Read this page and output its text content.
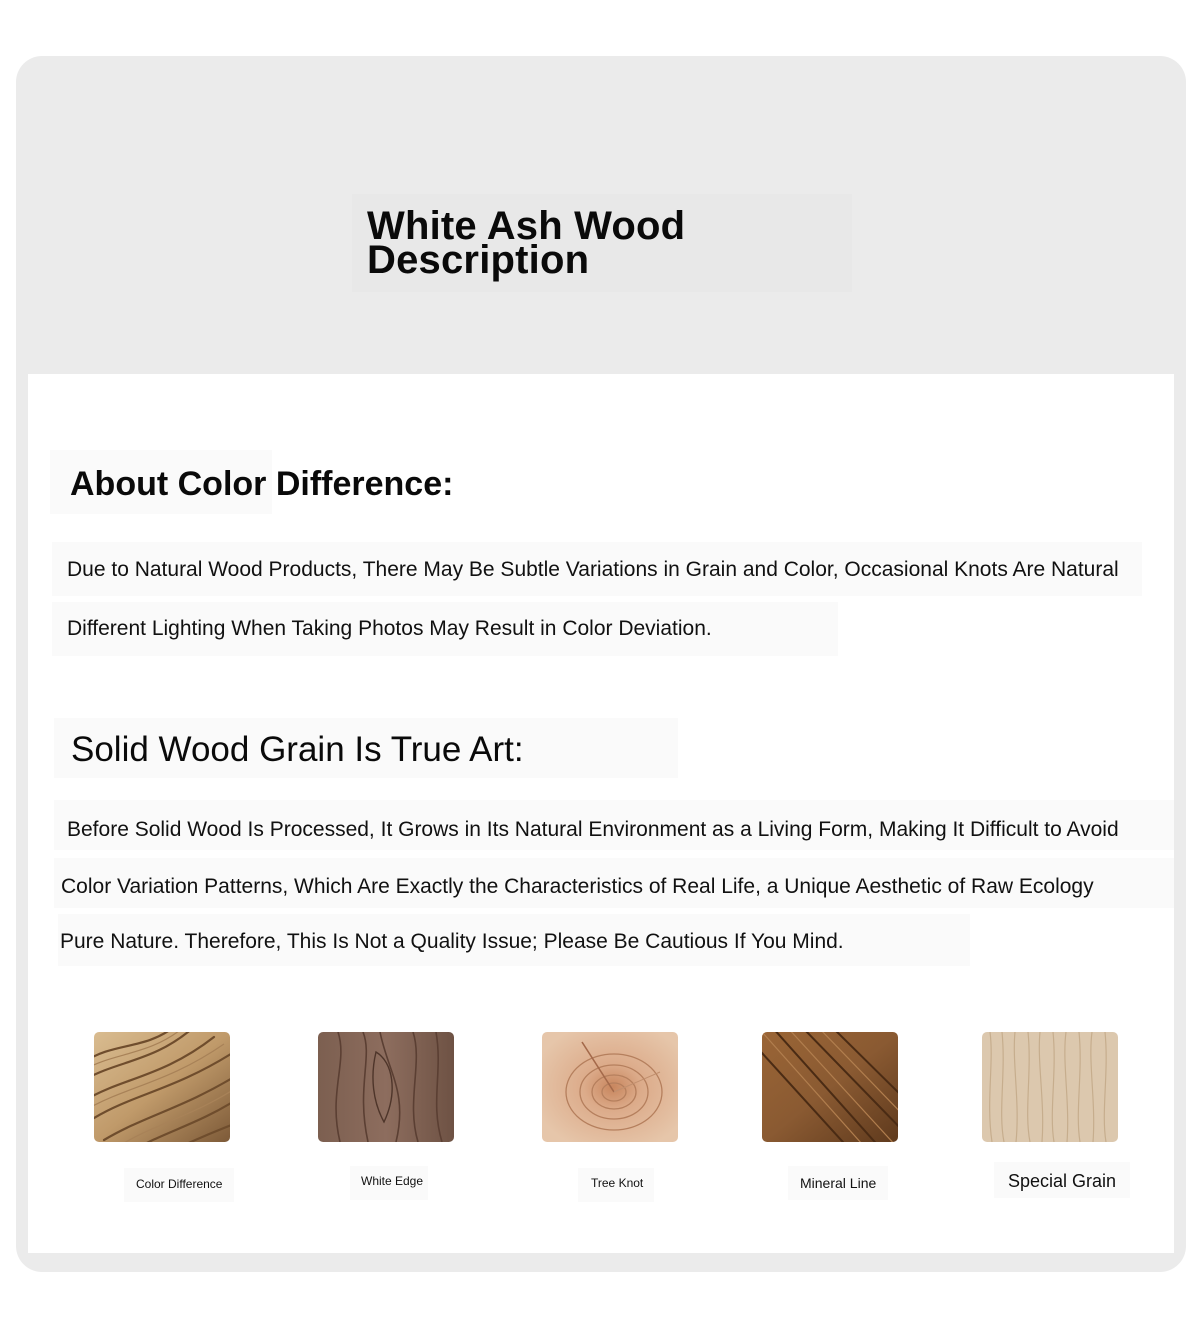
White Ash Wood
Description
About Color Difference:

Due to Natural Wood Products, There May Be Subtle Variations in Grain and Color, Occasional Knots Are Natural

Different Lighting When Taking Photos May Result in Color Deviation.

Solid Wood Grain Is True Art:

Before Solid Wood Is Processed, It Grows in Its Natural Environment as a Living Form, Making It Difficult to Avoid

Color Variation Patterns, Which Are Exactly the Characteristics of Real Life, a Unique Aesthetic of Raw Ecology

Pure Nature. Therefore, This Is Not a Quality Issue; Please Be Cautious If You Mind.

Color Difference	White Edge	Tree Knot	Mineral Line	Special Grain
